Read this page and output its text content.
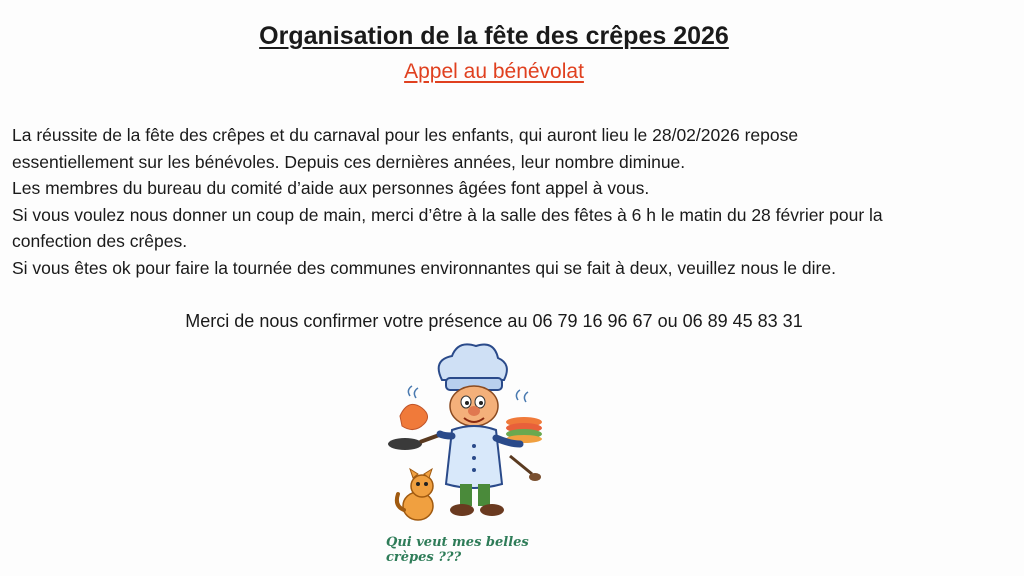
Organisation de la fête des crêpes 2026
Appel au bénévolat

La réussite de la fête des crêpes et du carnaval pour les enfants, qui auront lieu le 28/02/2026 repose

essentiellement sur les bénévoles. Depuis ces dernières années, leur nombre diminue.

Les membres du bureau du comité d’aide aux personnes âgées font appel à vous.

Si vous voulez nous donner un coup de main, merci d’être à la salle des fêtes à 6 h le matin du 28 février pour la

confection des crêpes.

Si vous êtes ok pour faire la tournée des communes environnantes qui se fait à deux, veuillez nous le dire.

Merci de nous confirmer votre présence au 06 79 16 96 67 ou 06 89 45 83 31
Qui veut mes belles crèpes ???
